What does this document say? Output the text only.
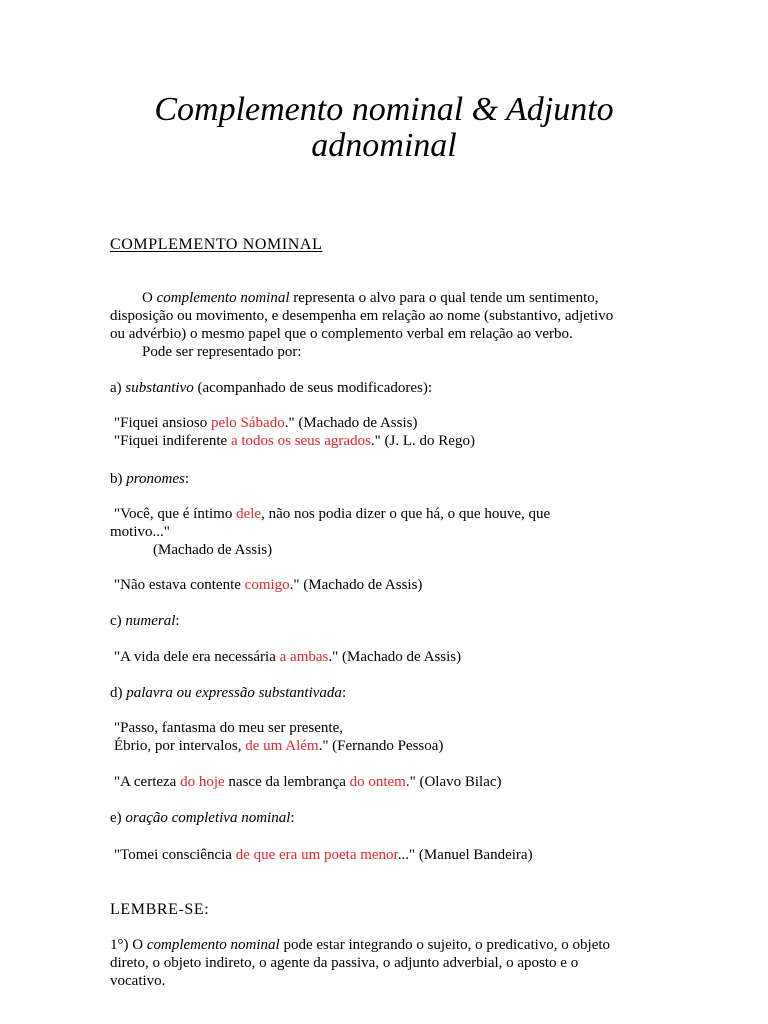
Complemento nominal & Adjunto
adnominal
COMPLEMENTO NOMINAL
O complemento nominal representa o alvo para o qual tende um sentimento,
disposição ou movimento, e desempenha em relação ao nome (substantivo, adjetivo
ou advérbio) o mesmo papel que o complemento verbal em relação ao verbo.
Pode ser representado por:
a) substantivo (acompanhado de seus modificadores):
"Fiquei ansioso pelo Sábado." (Machado de Assis)
"Fiquei indiferente a todos os seus agrados." (J. L. do Rego)
b) pronomes:
"Você, que é íntimo dele, não nos podia dizer o que há, o que houve, que
motivo..."
(Machado de Assis)
"Não estava contente comigo." (Machado de Assis)
c) numeral:
"A vida dele era necessária a ambas." (Machado de Assis)
d) palavra ou expressão substantivada:
"Passo, fantasma do meu ser presente,
Ébrio, por intervalos, de um Além." (Fernando Pessoa)
"A certeza do hoje nasce da lembrança do ontem." (Olavo Bilac)
e) oração completiva nominal:
"Tomei consciência de que era um poeta menor..." (Manuel Bandeira)
LEMBRE-SE:
1°) O complemento nominal pode estar integrando o sujeito, o predicativo, o objeto
direto, o objeto indireto, o agente da passiva, o adjunto adverbial, o aposto e o
vocativo.
